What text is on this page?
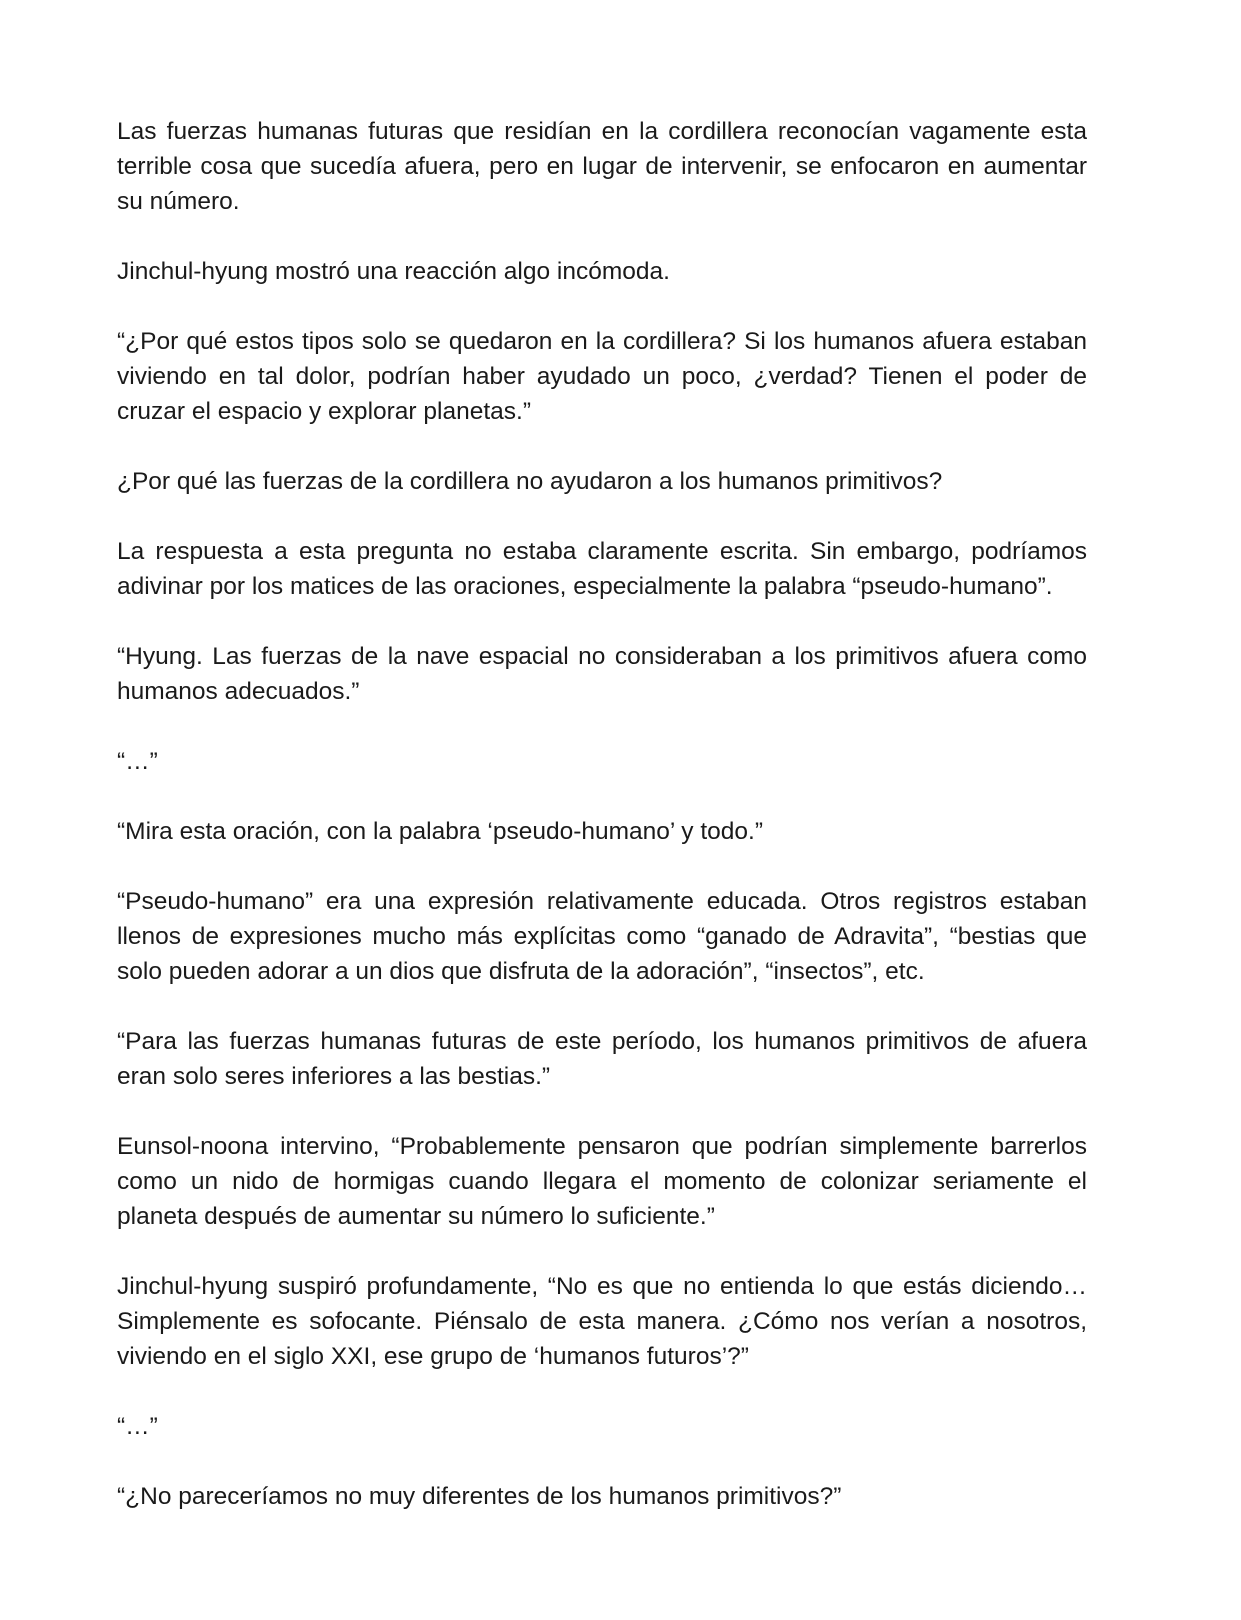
Las fuerzas humanas futuras que residían en la cordillera reconocían vagamente esta terrible cosa que sucedía afuera, pero en lugar de intervenir, se enfocaron en aumentar su número.

Jinchul-hyung mostró una reacción algo incómoda.

“¿Por qué estos tipos solo se quedaron en la cordillera? Si los humanos afuera estaban viviendo en tal dolor, podrían haber ayudado un poco, ¿verdad? Tienen el poder de cruzar el espacio y explorar planetas.”

¿Por qué las fuerzas de la cordillera no ayudaron a los humanos primitivos?

La respuesta a esta pregunta no estaba claramente escrita. Sin embargo, podríamos adivinar por los matices de las oraciones, especialmente la palabra “pseudo-humano”.

“Hyung. Las fuerzas de la nave espacial no consideraban a los primitivos afuera como humanos adecuados.”

“…”

“Mira esta oración, con la palabra ‘pseudo-humano’ y todo.”

“Pseudo-humano” era una expresión relativamente educada. Otros registros estaban llenos de expresiones mucho más explícitas como “ganado de Adravita”, “bestias que solo pueden adorar a un dios que disfruta de la adoración”, “insectos”, etc.

“Para las fuerzas humanas futuras de este período, los humanos primitivos de afuera eran solo seres inferiores a las bestias.”

Eunsol-noona intervino, “Probablemente pensaron que podrían simplemente barrerlos como un nido de hormigas cuando llegara el momento de colonizar seriamente el planeta después de aumentar su número lo suficiente.”

Jinchul-hyung suspiró profundamente, “No es que no entienda lo que estás diciendo… Simplemente es sofocante. Piénsalo de esta manera. ¿Cómo nos verían a nosotros, viviendo en el siglo XXI, ese grupo de ‘humanos futuros’?”

“…”

“¿No pareceríamos no muy diferentes de los humanos primitivos?”
